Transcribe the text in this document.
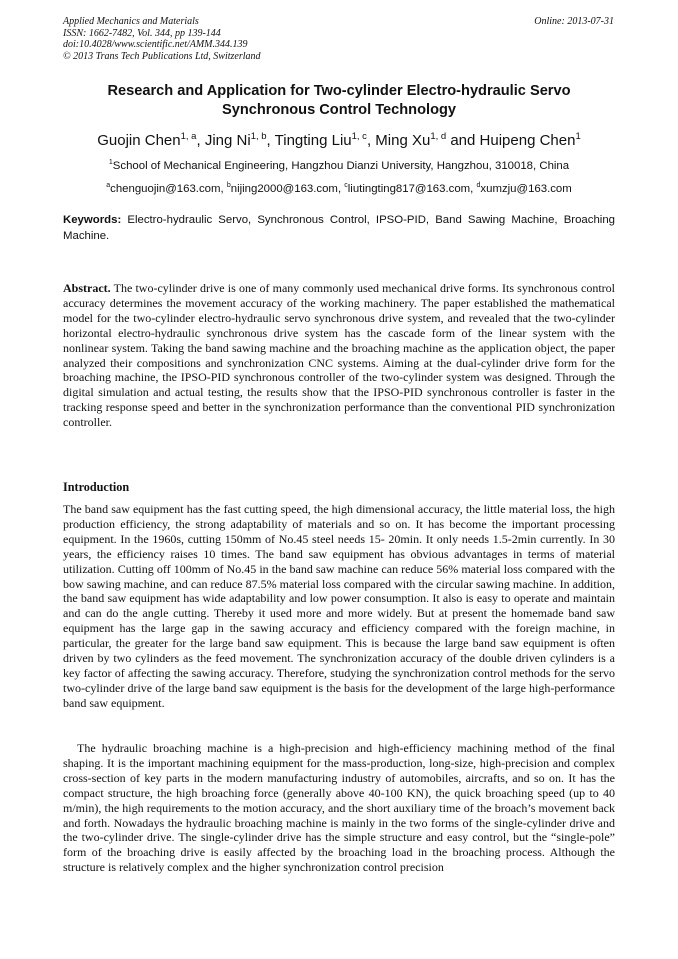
Applied Mechanics and Materials
ISSN: 1662-7482, Vol. 344, pp 139-144
doi:10.4028/www.scientific.net/AMM.344.139
© 2013 Trans Tech Publications Ltd, Switzerland
Online: 2013-07-31
Research and Application for Two-cylinder Electro-hydraulic Servo Synchronous Control Technology
Guojin Chen$^{1, a}$, Jing Ni$^{1, b}$, Tingting Liu$^{1, c}$, Ming Xu$^{1, d}$ and Huipeng Chen$^1$
$^1$School of Mechanical Engineering, Hangzhou Dianzi University, Hangzhou, 310018, China
$^a$chenguojin@163.com, $^b$nijing2000@163.com, $^c$liutingting817@163.com, $^d$xumzju@163.com
Keywords: Electro-hydraulic Servo, Synchronous Control, IPSO-PID, Band Sawing Machine, Broaching Machine.

Abstract. The two-cylinder drive is one of many commonly used mechanical drive forms. Its synchronous control accuracy determines the movement accuracy of the working machinery. The paper established the mathematical model for the two-cylinder electro-hydraulic servo synchronous drive system, and revealed that the two-cylinder horizontal electro-hydraulic synchronous drive system has the cascade form of the linear system with the nonlinear system. Taking the band sawing machine and the broaching machine as the application object, the paper analyzed their compositions and synchronization CNC systems. Aiming at the dual-cylinder drive form for the broaching machine, the IPSO-PID synchronous controller of the two-cylinder system was designed. Through the digital simulation and actual testing, the results show that the IPSO-PID synchronous controller is faster in the tracking response speed and better in the synchronization performance than the conventional PID synchronization controller.

Introduction

The band saw equipment has the fast cutting speed, the high dimensional accuracy, the little material loss, the high production efficiency, the strong adaptability of materials and so on. It has become the important processing equipment. In the 1960s, cutting 150mm of No.45 steel needs 15- 20min. It only needs 1.5-2min currently. In 30 years, the efficiency raises 10 times. The band saw equipment has obvious advantages in terms of material utilization. Cutting off 100mm of No.45 in the band saw machine can reduce 56% material loss compared with the bow sawing machine, and can reduce 87.5% material loss compared with the circular sawing machine. In addition, the band saw equipment has wide adaptability and low power consumption. It also is easy to operate and maintain and can do the angle cutting. Thereby it used more and more widely. But at present the homemade band saw equipment has the large gap in the sawing accuracy and efficiency compared with the foreign machine, in particular, the greater for the large band saw equipment. This is because the large band saw equipment is often driven by two cylinders as the feed movement. The synchronization accuracy of the double driven cylinders is a key factor of affecting the sawing accuracy. Therefore, studying the synchronization control methods for the servo two-cylinder drive of the large band saw equipment is the basis for the development of the large high-performance band saw equipment.

The hydraulic broaching machine is a high-precision and high-efficiency machining method of the final shaping. It is the important machining equipment for the mass-production, long-size, high-precision and complex cross-section of key parts in the modern manufacturing industry of automobiles, aircrafts, and so on. It has the compact structure, the high broaching force (generally above 40-100 KN), the quick broaching speed (up to 40 m/min), the high requirements to the motion accuracy, and the short auxiliary time of the broach’s movement back and forth. Nowadays the hydraulic broaching machine is mainly in the two forms of the single-cylinder drive and the two-cylinder drive. The single-cylinder drive has the simple structure and easy control, but the “single-pole” form of the broaching drive is easily affected by the broaching load in the broaching process. Although the structure is relatively complex and the higher synchronization control precision
